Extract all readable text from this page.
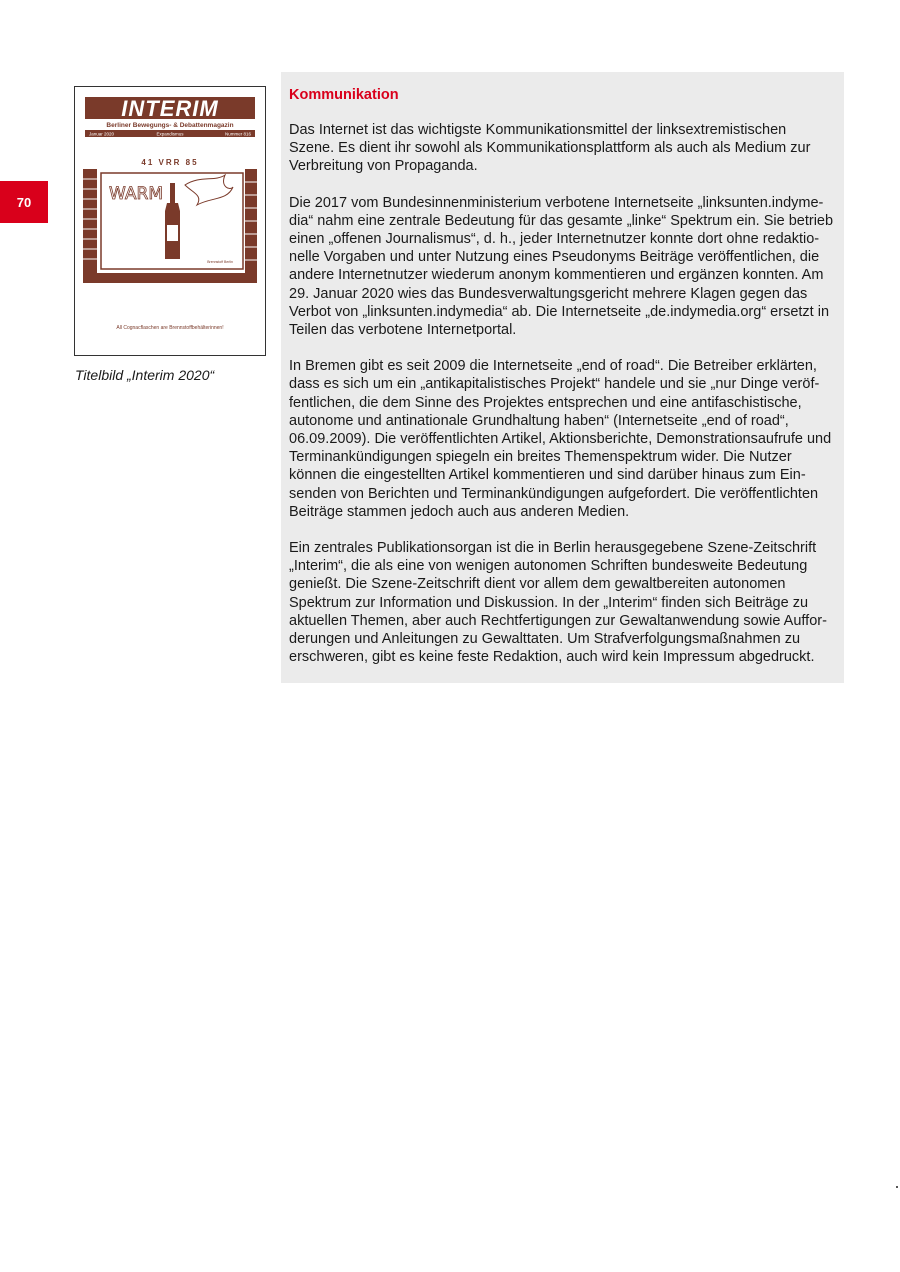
70
INTERIM
Berliner Bewegungs- & Debattenmagazin
Januar 2020	Expandismus	Nummer 816
41 VRR 85
WARM
Brennstoff Berlin
All Cognacflaschen are Brennstoffbehälterinnen!
Titelbild „Interim 2020“
Kommunikation

Das Internet ist das wichtigste Kommunikationsmittel der linksextremistischen Szene. Es dient ihr sowohl als Kommunikationsplattform als auch als Medium zur Verbreitung von Propaganda.

Die 2017 vom Bundesinnenministerium verbotene Internetseite „linksunten.indyme-dia“ nahm eine zentrale Bedeutung für das gesamte „linke“ Spektrum ein. Sie betrieb einen „offenen Journalismus“, d. h., jeder Internetnutzer konnte dort ohne redaktio-nelle Vorgaben und unter Nutzung eines Pseudonyms Beiträge veröffentlichen, die andere Internetnutzer wiederum anonym kommentieren und ergänzen konnten. Am 29. Januar 2020 wies das Bundesverwaltungsgericht mehrere Klagen gegen das Verbot von „linksunten.indymedia“ ab. Die Internetseite „de.indymedia.org“ ersetzt in Teilen das verbotene Internetportal.

In Bremen gibt es seit 2009 die Internetseite „end of road“. Die Betreiber erklärten, dass es sich um ein „antikapitalistisches Projekt“ handele und sie „nur Dinge veröf-fentlichen, die dem Sinne des Projektes entsprechen und eine antifaschistische, autonome und antinationale Grundhaltung haben“ (Internetseite „end of road“, 06.09.2009). Die veröffentlichten Artikel, Aktionsberichte, Demonstrationsaufrufe und Terminankündigungen spiegeln ein breites Themenspektrum wider. Die Nutzer können die eingestellten Artikel kommentieren und sind darüber hinaus zum Ein-senden von Berichten und Terminankündigungen aufgefordert. Die veröffentlichten Beiträge stammen jedoch auch aus anderen Medien.

Ein zentrales Publikationsorgan ist die in Berlin herausgegebene Szene-Zeitschrift „Interim“, die als eine von wenigen autonomen Schriften bundesweite Bedeutung genießt. Die Szene-Zeitschrift dient vor allem dem gewaltbereiten autonomen Spektrum zur Information und Diskussion. In der „Interim“ finden sich Beiträge zu aktuellen Themen, aber auch Rechtfertigungen zur Gewaltanwendung sowie Auffor-derungen und Anleitungen zu Gewalttaten. Um Strafverfolgungsmaßnahmen zu erschweren, gibt es keine feste Redaktion, auch wird kein Impressum abgedruckt.
